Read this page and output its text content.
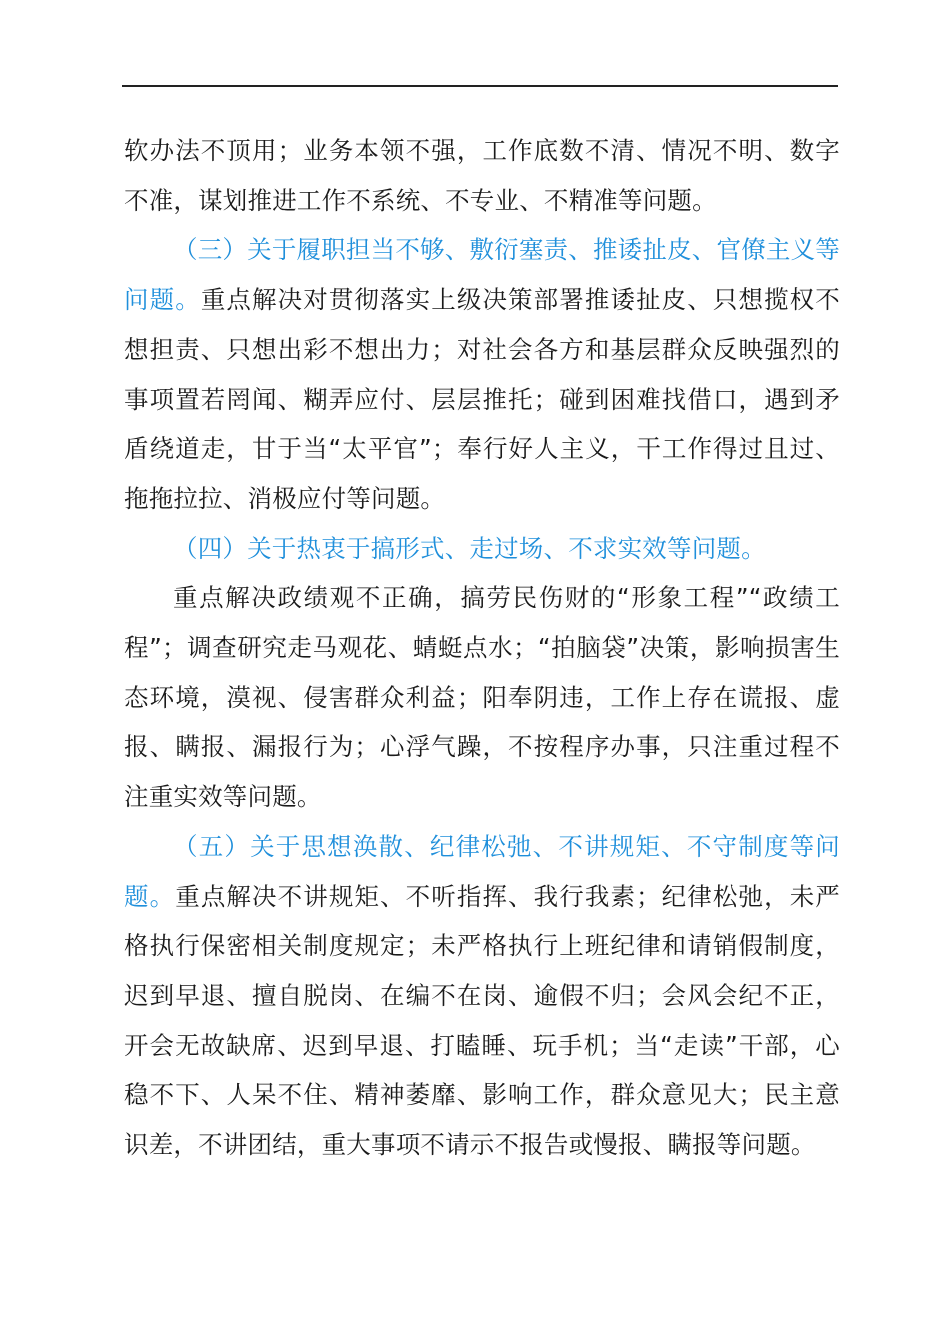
软办法不顶用；业务本领不强，工作底数不清、情况不明、数字不准，谋划推进工作不系统、不专业、不精准等问题。

（三）关于履职担当不够、敷衍塞责、推诿扯皮、官僚主义等问题。重点解决对贯彻落实上级决策部署推诿扯皮、只想揽权不想担责、只想出彩不想出力；对社会各方和基层群众反映强烈的事项置若罔闻、糊弄应付、层层推托；碰到困难找借口，遇到矛盾绕道走，甘于当“太平官”；奉行好人主义，干工作得过且过、拖拖拉拉、消极应付等问题。

（四）关于热衷于搞形式、走过场、不求实效等问题。

重点解决政绩观不正确，搞劳民伤财的“形象工程”“政绩工程”；调查研究走马观花、蜻蜓点水；“拍脑袋”决策，影响损害生态环境，漠视、侵害群众利益；阳奉阴违，工作上存在谎报、虚报、瞒报、漏报行为；心浮气躁，不按程序办事，只注重过程不注重实效等问题。

（五）关于思想涣散、纪律松弛、不讲规矩、不守制度等问题。重点解决不讲规矩、不听指挥、我行我素；纪律松弛，未严格执行保密相关制度规定；未严格执行上班纪律和请销假制度，迟到早退、擅自脱岗、在编不在岗、逾假不归；会风会纪不正，开会无故缺席、迟到早退、打瞌睡、玩手机；当“走读”干部，心稳不下、人呆不住、精神萎靡、影响工作，群众意见大；民主意识差，不讲团结，重大事项不请示不报告或慢报、瞒报等问题。
